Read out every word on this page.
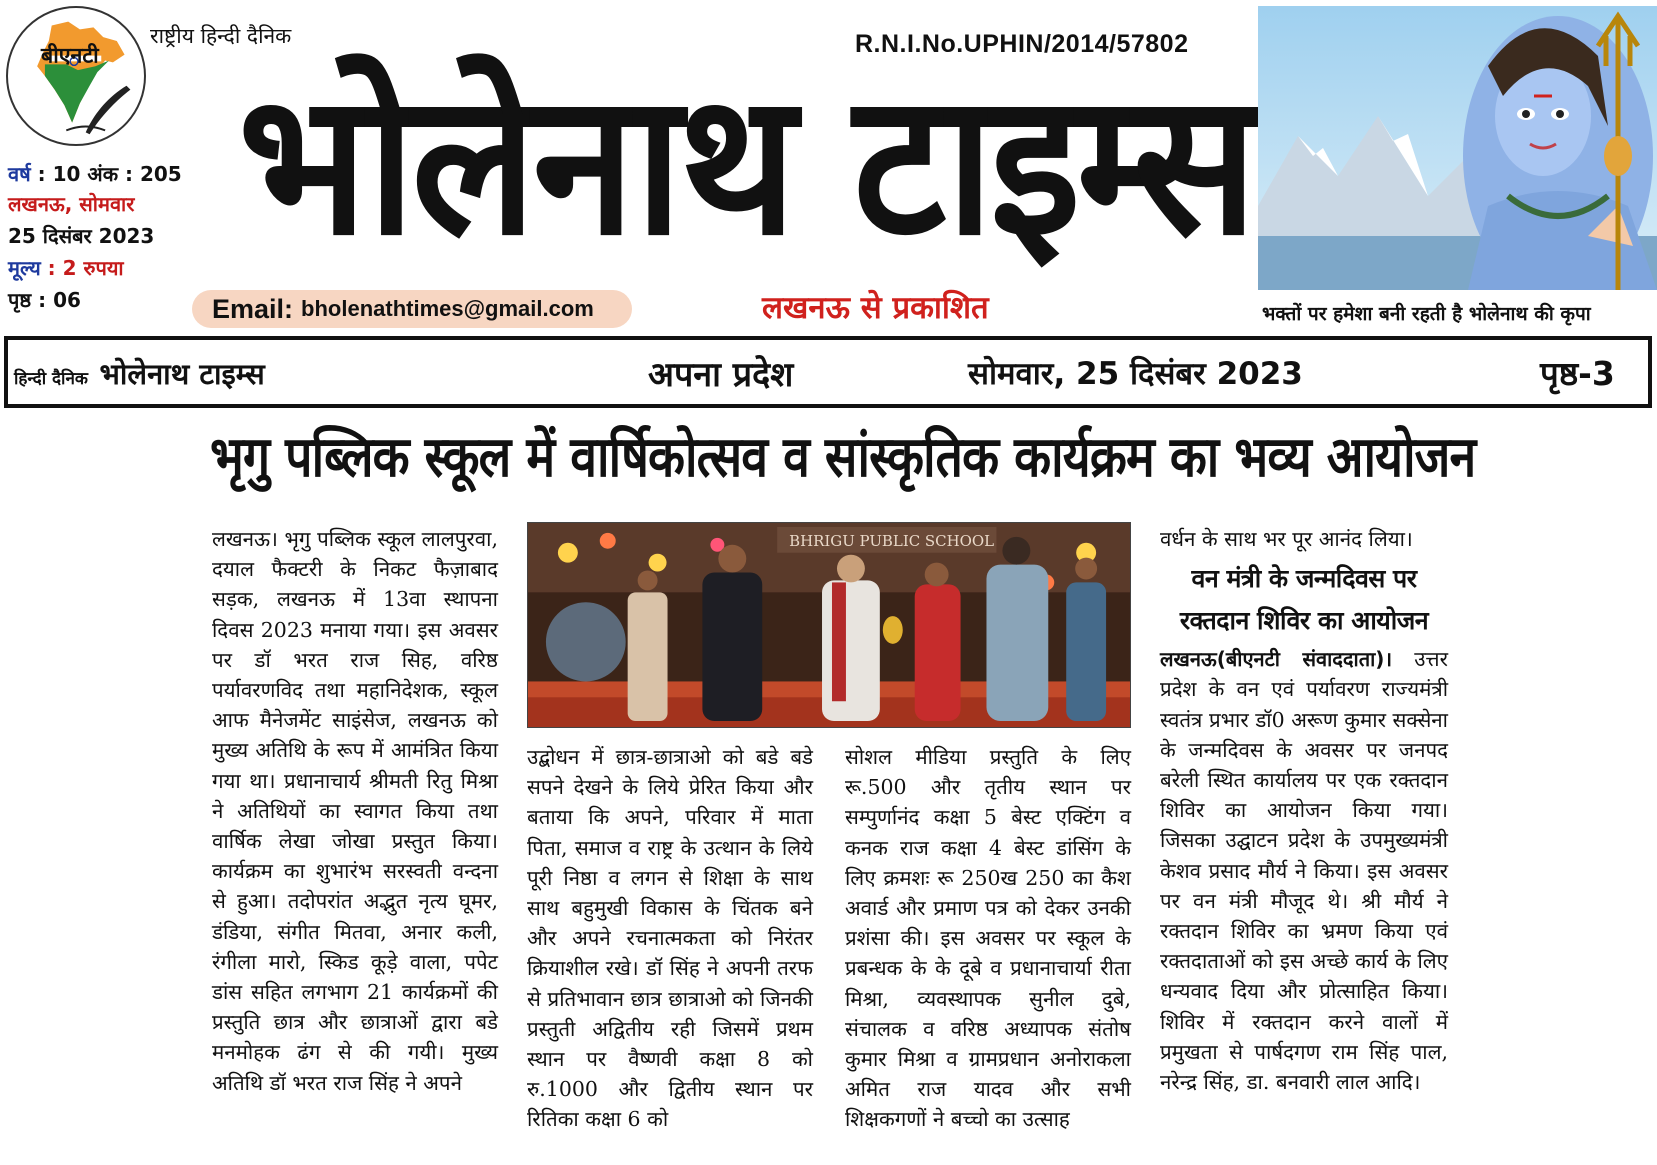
बीएनटी
राष्ट्रीय हिन्दी दैनिक	R.N.I.No.UPHIN/2014/57802
भोलेनाथ टाइम्स
वर्ष : 10 अंक : 205
लखनऊ, सोमवार
25 दिसंबर 2023
मूल्य : 2 रुपया
पृष्ठ : 06	Email: bholenathtimes@gmail.com	लखनऊ से प्रकाशित	भक्तों पर हमेशा बनी रहती है भोलेनाथ की कृपा
हिन्दी दैनिक भोलेनाथ टाइम्स	अपना प्रदेश	सोमवार, 25 दिसंबर 2023	पृष्ठ-3
भृगु पब्लिक स्कूल में वार्षिकोत्सव व सांस्कृतिक कार्यक्रम का भव्य आयोजन

लखनऊ। भृगु पब्लिक स्कूल लालपुरवा, दयाल फैक्टरी के निकट फैज़ाबाद सड़क, लखनऊ में 13वा स्थापना दिवस 2023 मनाया गया। इस अवसर पर डॉ भरत राज सिह, वरिष्ठ पर्यावरणविद तथा महानिदेशक, स्कूल आफ मैनेजमेंट साइंसेज, लखनऊ को मुख्य अतिथि के रूप में आमंत्रित किया गया था। प्रधानाचार्य श्रीमती रितु मिश्रा ने अतिथियों का स्वागत किया तथा वार्षिक लेखा जोखा प्रस्तुत किया। कार्यक्रम का शुभारंभ सरस्वती वन्दना से हुआ। तदोपरांत अद्भुत नृत्य घूमर, डंडिया, संगीत मितवा, अनार कली, रंगीला मारो, स्किड कूड़े वाला, पपेट डांस सहित लगभाग 21 कार्यक्रमों की प्रस्तुति छात्र और छात्राओं द्वारा बडे मनमोहक ढंग से की गयी। मुख्य अतिथि डॉ भरत राज सिंह ने अपने

BHRIGU PUBLIC SCHOOL

उद्बोधन में छात्र-छात्राओ को बडे बडे सपने देखने के लिये प्रेरित किया और बताया कि अपने, परिवार में माता पिता, समाज व राष्ट्र के उत्थान के लिये पूरी निष्ठा व लगन से शिक्षा के साथ साथ बहुमुखी विकास के चिंतक बने और अपने रचनात्मकता को निरंतर क्रियाशील रखे। डॉ सिंह ने अपनी तरफ से प्रतिभावान छात्र छात्राओ को जिनकी प्रस्तुती अद्वितीय रही जिसमें प्रथम स्थान पर वैष्णवी कक्षा 8 को रु.1000 और द्वितीय स्थान पर रितिका कक्षा 6 को

सोशल मीडिया प्रस्तुति के लिए रू.500 और तृतीय स्थान पर सम्पुर्णानंद कक्षा 5 बेस्ट एक्टिंग व कनक राज कक्षा 4 बेस्ट डांसिंग के लिए क्रमशः रू 250ख 250 का कैश अवार्ड और प्रमाण पत्र को देकर उनकी प्रशंसा की। इस अवसर पर स्कूल के प्रबन्धक के के दूबे व प्रधानाचार्या रीता मिश्रा, व्यवस्थापक सुनील दुबे, संचालक व वरिष्ठ अध्यापक संतोष कुमार मिश्रा व ग्रामप्रधान अनोराकला अमित राज यादव और सभी शिक्षकगणों ने बच्चो का उत्साह

वर्धन के साथ भर पूर आनंद लिया।

वन मंत्री के जन्मदिवस पर
रक्तदान शिविर का आयोजन

लखनऊ(बीएनटी संवाददाता)। उत्तर प्रदेश के वन एवं पर्यावरण राज्यमंत्री स्वतंत्र प्रभार डॉ0 अरूण कुमार सक्सेना के जन्मदिवस के अवसर पर जनपद बरेली स्थित कार्यालय पर एक रक्तदान शिविर का आयोजन किया गया। जिसका उद्घाटन प्रदेश के उपमुख्यमंत्री केशव प्रसाद मौर्य ने किया। इस अवसर पर वन मंत्री मौजूद थे। श्री मौर्य ने रक्तदान शिविर का भ्रमण किया एवं रक्तदाताओं को इस अच्छे कार्य के लिए धन्यवाद दिया और प्रोत्साहित किया।शिविर में रक्तदान करने वालों में प्रमुखता से पार्षदगण राम सिंह पाल, नरेन्द्र सिंह, डा. बनवारी लाल आदि।
